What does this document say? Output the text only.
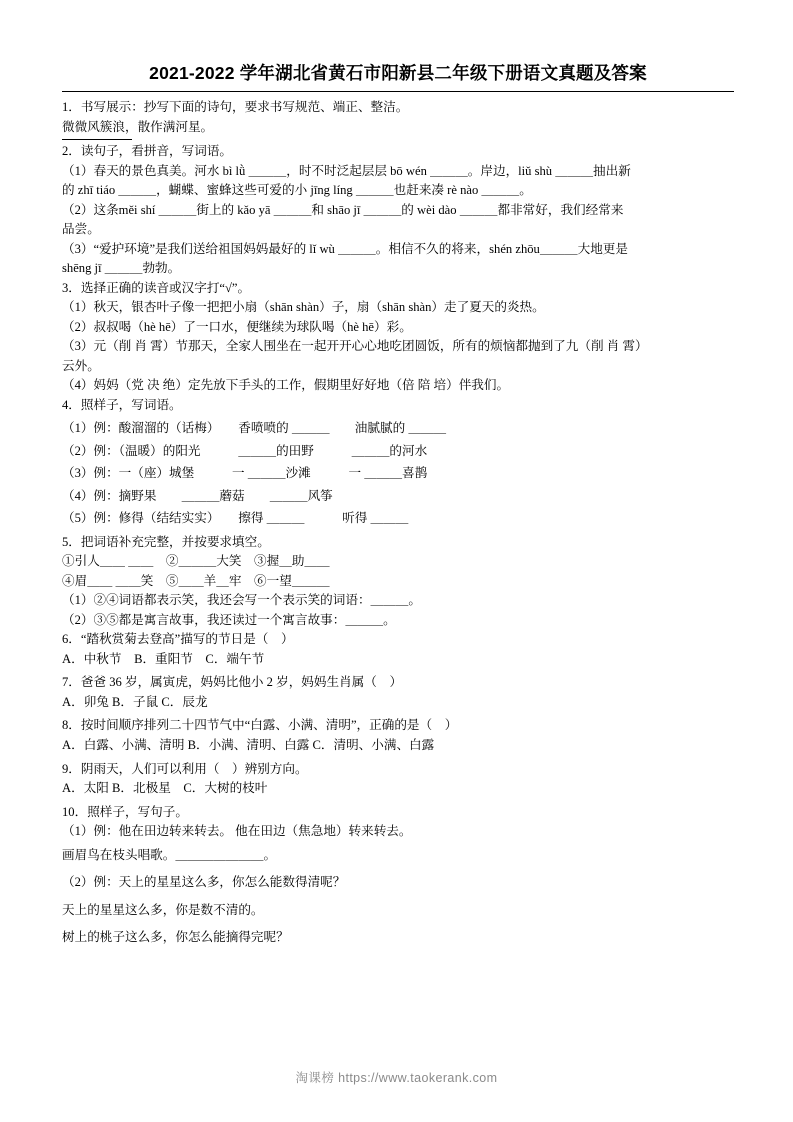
2021-2022 学年湖北省黄石市阳新县二年级下册语文真题及答案

1．书写展示：抄写下面的诗句，要求书写规范、端正、整洁。

微微风簇浪，散作满河星。

2．读句子，看拼音，写词语。

（1）春天的景色真美。河水 bì lǜ ＿＿＿，时不时泛起层层 bō wén ＿＿＿。岸边，liǔ shù ＿＿＿抽出新

的 zhī tiáo ＿＿＿，蝴蝶、蜜蜂这些可爱的小 jīng líng ＿＿＿也赶来凑 rè nào ＿＿＿。

（2）这条měi shí ＿＿＿街上的 kǎo yā ＿＿＿和 shāo jī ＿＿＿的 wèi dào ＿＿＿都非常好，我们经常来

品尝。

（3）“爱护环境”是我们送给祖国妈妈最好的 lǐ wù ＿＿＿。相信不久的将来，shén zhōu＿＿＿大地更是

shēng jī ＿＿＿勃勃。

3．选择正确的读音或汉字打“√”。

（1）秋天，银杏叶子像一把把小扇（shān shàn）子，扇（shān shàn）走了夏天的炎热。

（2）叔叔喝（hè hē）了一口水，便继续为球队喝（hè hē）彩。

（3）元（削 肖 霄）节那天，全家人围坐在一起开开心心地吃团圆饭，所有的烦恼都抛到了九（削 肖 霄）

云外。

（4）妈妈（党 决 绝）定先放下手头的工作，假期里好好地（倍 陪 培）伴我们。

4．照样子，写词语。

（1）例：酸溜溜的（话梅）　　香喷喷的 ＿＿＿　　油腻腻的 ＿＿＿

（2）例：（温暖）的阳光　　　＿＿＿的田野　　　＿＿＿的河水

（3）例：一（座）城堡　　　一 ＿＿＿沙滩　　　一 ＿＿＿喜鹊

（4）例：摘野果　　＿＿＿蘑菇　　＿＿＿风筝

（5）例：修得（结结实实）　　擦得 ＿＿＿　　　听得 ＿＿＿

5．把词语补充完整，并按要求填空。

①引人＿＿ ＿＿　②＿＿＿大笑　③握＿助＿＿

④眉＿＿ ＿＿笑　⑤＿＿羊＿牢　⑥一望＿＿＿

（1）②④词语都表示笑，我还会写一个表示笑的词语：＿＿＿。

（2）③⑤都是寓言故事，我还读过一个寓言故事：＿＿＿。

6．“踏秋赏菊去登高”描写的节日是（　）

A．中秋节　B．重阳节　C．端午节

7．爸爸 36 岁，属寅虎，妈妈比他小 2 岁，妈妈生肖属（　）

A．卯兔 B．子鼠 C．辰龙

8．按时间顺序排列二十四节气中“白露、小满、清明”，正确的是（　）

A．白露、小满、清明 B．小满、清明、白露 C．清明、小满、白露

9．阴雨天，人们可以利用（　）辨别方向。

A．太阳 B．北极星　C．大树的枝叶

10．照样子，写句子。

（1）例：他在田边转来转去。 他在田边（焦急地）转来转去。

画眉鸟在枝头唱歌。＿＿＿＿＿＿＿。

（2）例：天上的星星这么多，你怎么能数得清呢？

天上的星星这么多，你是数不清的。

树上的桃子这么多，你怎么能摘得完呢？

淘课榜 https://www.taokerank.com
